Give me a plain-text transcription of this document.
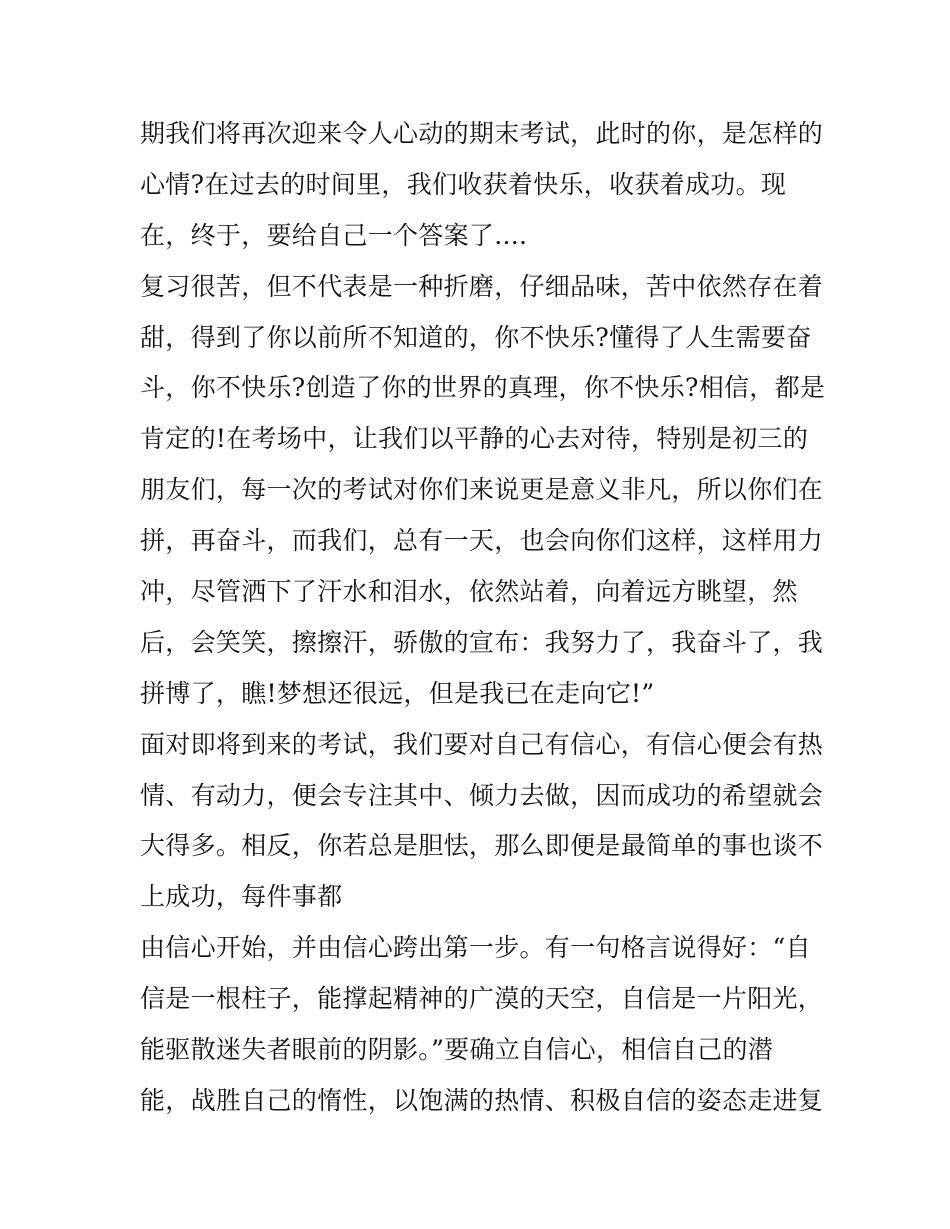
期我们将再次迎来令人心动的期末考试，此时的你，是怎样的
心情?在过去的时间里，我们收获着快乐，收获着成功。现
在，终于，要给自己一个答案了....
复习很苦，但不代表是一种折磨，仔细品味，苦中依然存在着
甜，得到了你以前所不知道的，你不快乐?懂得了人生需要奋
斗，你不快乐?创造了你的世界的真理，你不快乐?相信，都是
肯定的!在考场中，让我们以平静的心去对待，特别是初三的
朋友们，每一次的考试对你们来说更是意义非凡，所以你们在
拼，再奋斗，而我们，总有一天，也会向你们这样，这样用力
冲，尽管洒下了汗水和泪水，依然站着，向着远方眺望，然
后，会笑笑，擦擦汗，骄傲的宣布：我努力了，我奋斗了，我
拼博了，瞧!梦想还很远，但是我已在走向它!”
面对即将到来的考试，我们要对自己有信心，有信心便会有热
情、有动力，便会专注其中、倾力去做，因而成功的希望就会
大得多。相反，你若总是胆怯，那么即便是最简单的事也谈不
上成功，每件事都
由信心开始，并由信心跨出第一步。有一句格言说得好：“自
信是一根柱子，能撑起精神的广漠的天空，自信是一片阳光，
能驱散迷失者眼前的阴影。”要确立自信心，相信自己的潜
能，战胜自己的惰性，以饱满的热情、积极自信的姿态走进复
